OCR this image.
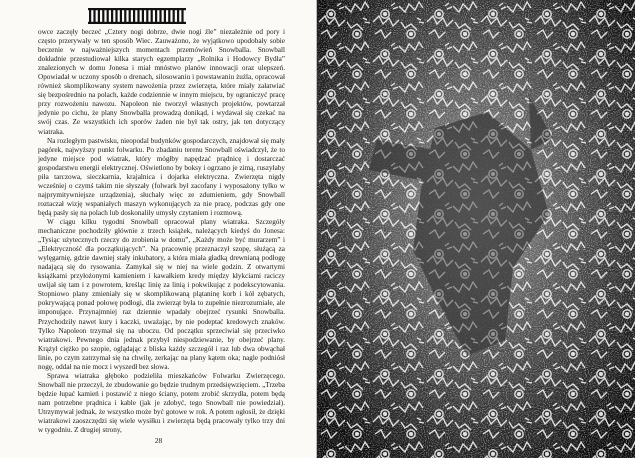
owce zaczęły beczeć „Cztery nogi dobrze, dwie nogi źle” niezależnie od pory i często przerywały w ten sposób Wiec. Zauważono, że wyjątkowo upodobały sobie beczenie w najważniejszych momentach przemówień Snowballa. Snowball dokładnie przestudiował kilka starych egzemplarzy „Rolnika i Hodowcy Bydła” znalezionych w domu Jonesa i miał mnóstwo planów innowacji oraz ulepszeń. Opowiadał w uczony sposób o drenach, silosowaniu i powstawaniu żużla, opracował również skomplikowany system nawożenia przez zwierzęta, które miały załatwiać się bezpośrednio na polach, każde codziennie w innym miejscu, by ograniczyć pracę przy rozwożeniu nawozu. Napoleon nie tworzył własnych projektów, powtarzał jedynie po cichu, że plany Snowballa prowadzą donikąd, i wydawał się czekać na swój czas. Ze wszystkich ich sporów żaden nie był tak ostry, jak ten dotyczący wiatraka.

Na rozległym pastwisku, nieopodal budynków gospodarczych, znajdował się mały pagórek, najwyższy punkt folwarku. Po zbadaniu terenu Snowball oświadczył, że to jedyne miejsce pod wiatrak, który mógłby napędzać prądnicę i dostarczać gospodarstwu energii elektrycznej. Oświetlono by boksy i ogrzano je zimą, ruszyłaby piła tarczowa, sieczkarnia, krajalnica i dojarka elektryczna. Zwierzęta nigdy wcześniej o czymś takim nie słyszały (folwark był zacofany i wyposażony tylko w najprymitywniejsze urządzenia), słuchały więc ze zdumieniem, gdy Snowball roztaczał wizję wspaniałych maszyn wykonujących za nie pracę, podczas gdy one będą pasły się na polach lub doskonaliły umysły czytaniem i rozmową.

W ciągu kilku tygodni Snowball opracował plany wiatraka. Szczegóły mechaniczne pochodziły głównie z trzech książek, należących kiedyś do Jonesa: „Tysiąc użytecznych rzeczy do zrobienia w domu”, „Każdy może być murarzem” i „Elektryczność dla początkujących”. Na pracownię przeznaczył szopę, służącą za wylęgarnię, gdzie dawniej stały inkubatory, a która miała gładką drewnianą podłogę nadającą się do rysowania. Zamykał się w niej na wiele godzin. Z otwartymi książkami przyłożonymi kamieniem i kawałkiem kredy między kłykciami raciczy uwijał się tam i z powrotem, kreśląc linię za linią i pokwikując z podekscytowania. Stopniowo plany zmieniały się w skomplikowaną plątaninę korb i kół zębatych, pokrywającą ponad połowę podłogi, dla zwierząt była to zupełnie niezrozumiałe, ale imponujące. Przynajmniej raz dziennie wpadały obejrzeć rysunki Snowballa. Przychodziły nawet kury i kaczki, uważając, by nie podeptać kredowych znaków. Tylko Napoleon trzymał się na uboczu. Od początku sprzeciwiał się przeciwko wiatrakowi. Pewnego dnia jednak przybył niespodziewanie, by obejrzeć plany. Krążył ciężko po szopie, oglądając z bliska każdy szczegół i raz lub dwa obwąchał linie, po czym zatrzymał się na chwilę, zerkając na plany kątem oka; nagle podniósł nogę, oddał na nie mocz i wyszedł bez słowa.

Sprawa wiatraka głęboko podzieliła mieszkańców Folwarku Zwierzęcego. Snowball nie przeczył, że zbudowanie go będzie trudnym przedsięwzięciem. „Trzeba będzie łupać kamień i postawić z niego ściany, potem zrobić skrzydła, potem będą nam potrzebne prądnica i kable (jak je zdobyć, tego Snowball nie powiedział). Utrzymywał jednak, że wszystko może być gotowe w rok. A potem ogłosił, że dzięki wiatrakowi zaoszczędzi się wiele wysiłku i zwierzęta będą pracowały tylko trzy dni w tygodniu. Z drugiej strony,

28
